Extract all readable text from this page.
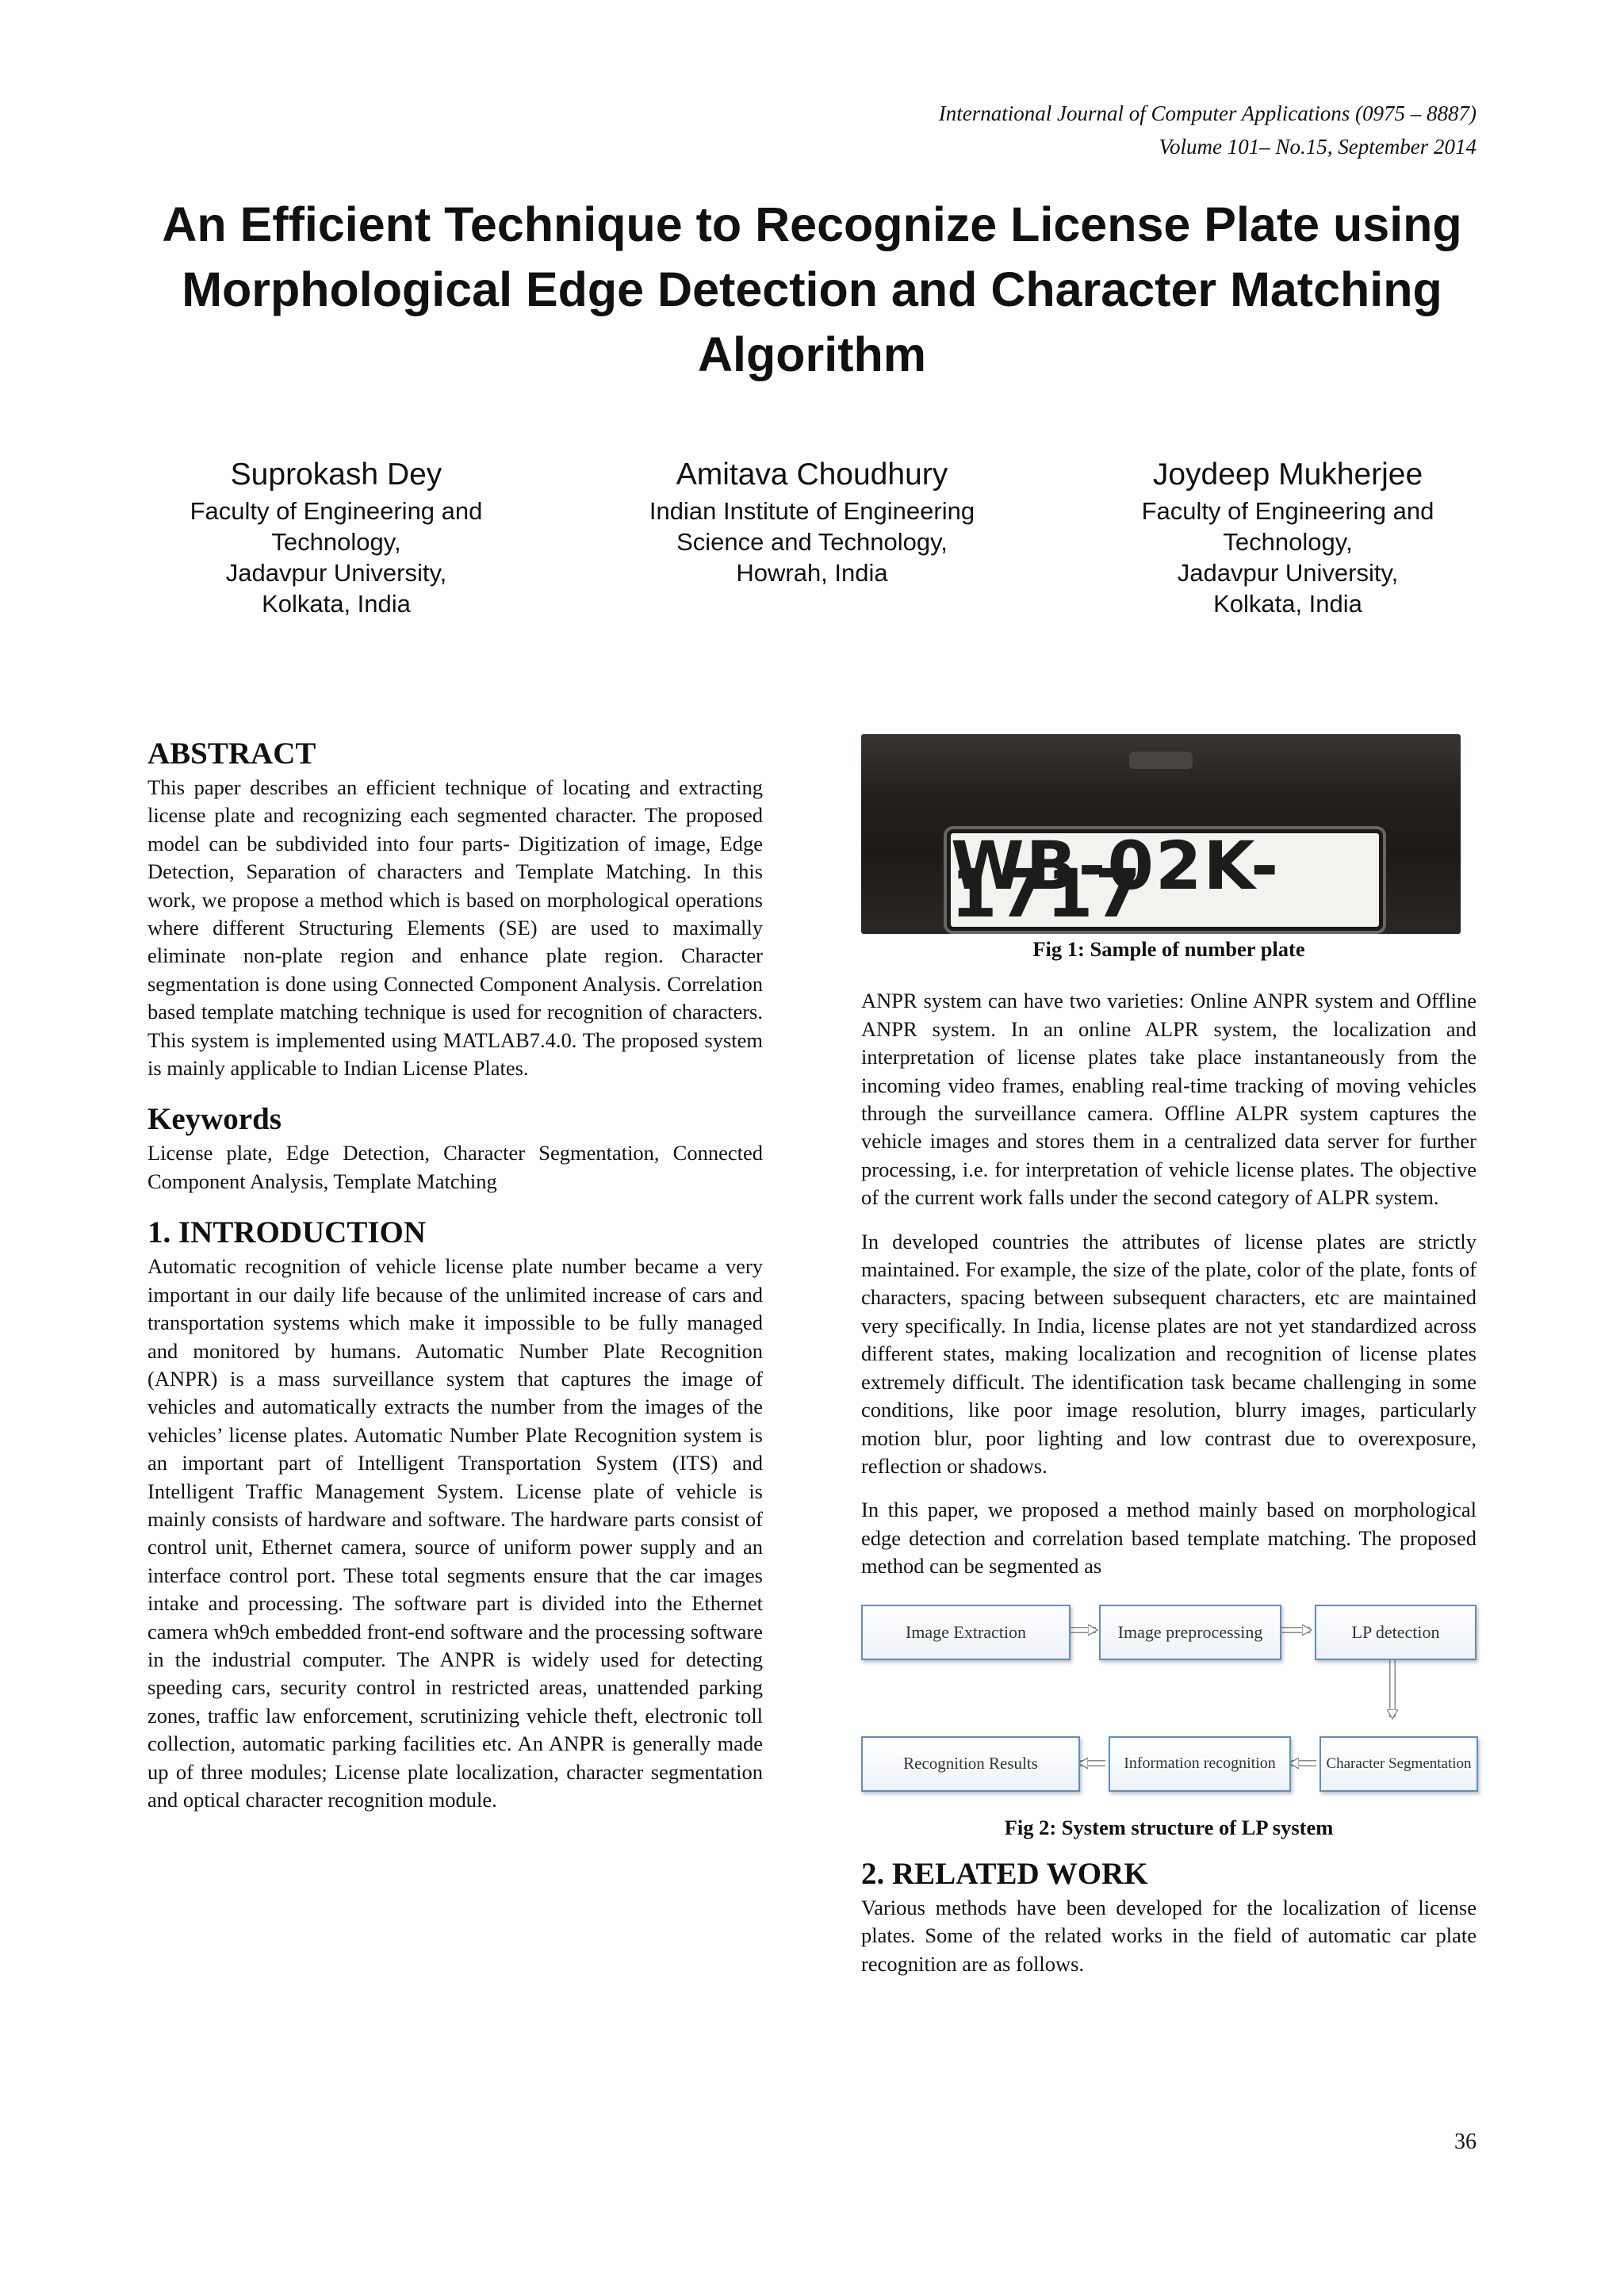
International Journal of Computer Applications (0975 – 8887)
Volume 101– No.15, September 2014
An Efficient Technique to Recognize License Plate using
Morphological Edge Detection and Character Matching
Algorithm
Suprokash Dey
Faculty of Engineering and
Technology,
Jadavpur University,
Kolkata, India
Amitava Choudhury
Indian Institute of Engineering
Science and Technology,
Howrah, India
Joydeep Mukherjee
Faculty of Engineering and
Technology,
Jadavpur University,
Kolkata, India
ABSTRACT

This paper describes an efficient technique of locating and extracting license plate and recognizing each segmented character. The proposed model can be subdivided into four parts- Digitization of image, Edge Detection, Separation of characters and Template Matching. In this work, we propose a method which is based on morphological operations where different Structuring Elements (SE) are used to maximally eliminate non-plate region and enhance plate region. Character segmentation is done using Connected Component Analysis. Correlation based template matching technique is used for recognition of characters. This system is implemented using MATLAB7.4.0. The proposed system is mainly applicable to Indian License Plates.

Keywords

License plate, Edge Detection, Character Segmentation, Connected Component Analysis, Template Matching

1. INTRODUCTION

Automatic recognition of vehicle license plate number became a very important in our daily life because of the unlimited increase of cars and transportation systems which make it impossible to be fully managed and monitored by humans. Automatic Number Plate Recognition (ANPR) is a mass surveillance system that captures the image of vehicles and automatically extracts the number from the images of the vehicles’ license plates. Automatic Number Plate Recognition system is an important part of Intelligent Transportation System (ITS) and Intelligent Traffic Management System. License plate of vehicle is mainly consists of hardware and software. The hardware parts consist of control unit, Ethernet camera, source of uniform power supply and an interface control port. These total segments ensure that the car images intake and processing. The software part is divided into the Ethernet camera wh9ch embedded front-end software and the processing software in the industrial computer. The ANPR is widely used for detecting speeding cars, security control in restricted areas, unattended parking zones, traffic law enforcement, scrutinizing vehicle theft, electronic toll collection, automatic parking facilities etc. An ANPR is generally made up of three modules; License plate localization, character segmentation and optical character recognition module.

WB-02K-1717

Fig 1: Sample of number plate

ANPR system can have two varieties: Online ANPR system and Offline ANPR system. In an online ALPR system, the localization and interpretation of license plates take place instantaneously from the incoming video frames, enabling real-time tracking of moving vehicles through the surveillance camera. Offline ALPR system captures the vehicle images and stores them in a centralized data server for further processing, i.e. for interpretation of vehicle license plates. The objective of the current work falls under the second category of ALPR system.

In developed countries the attributes of license plates are strictly maintained. For example, the size of the plate, color of the plate, fonts of characters, spacing between subsequent characters, etc are maintained very specifically. In India, license plates are not yet standardized across different states, making localization and recognition of license plates extremely difficult. The identification task became challenging in some conditions, like poor image resolution, blurry images, particularly motion blur, poor lighting and low contrast due to overexposure, reflection or shadows.

In this paper, we proposed a method mainly based on morphological edge detection and correlation based template matching. The proposed method can be segmented as

Image Extraction	Image preprocessing	LP detection
Character Segmentation
Information recognition
Recognition Results

Fig 2: System structure of LP system

2. RELATED WORK

Various methods have been developed for the localization of license plates. Some of the related works in the field of automatic car plate recognition are as follows.

36
